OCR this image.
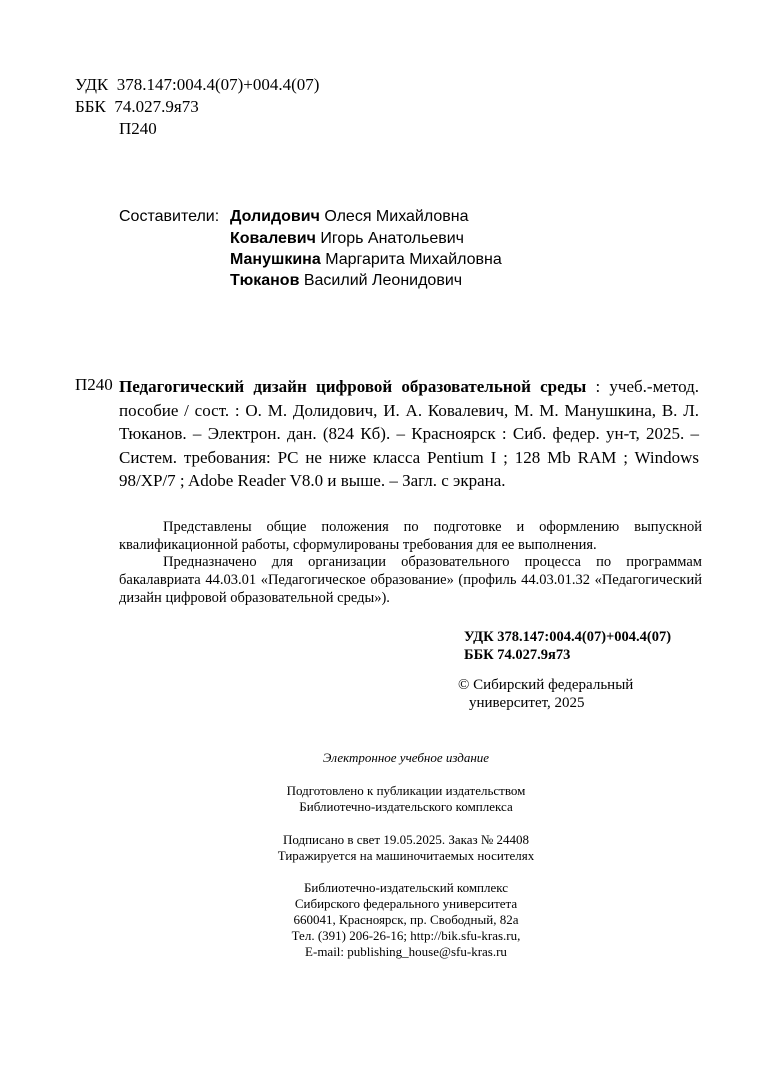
УДК 378.147:004.4(07)+004.4(07)
ББК 74.027.9я73
П240
Составители: Долидович Олеся Михайловна
Ковалевич Игорь Анатольевич
Манушкина Маргарита Михайловна
Тюканов Василий Леонидович
П240 Педагогический дизайн цифровой образовательной среды : учеб.-метод. пособие / сост. : О. М. Долидович, И. А. Ковалевич, М. М. Манушкина, В. Л. Тюканов. – Электрон. дан. (824 Кб). – Красноярск : Сиб. федер. ун-т, 2025. – Систем. требования: PC не ниже класса Pentium I ; 128 Mb RAM ; Windows 98/XP/7 ; Adobe Reader V8.0 и выше. – Загл. с экрана.

Представлены общие положения по подготовке и оформлению выпускной квалификационной работы, сформулированы требования для ее выполнения.

Предназначено для организации образовательного процесса по программам бакалавриата 44.03.01 «Педагогическое образование» (профиль 44.03.01.32 «Педагогический дизайн цифровой образовательной среды»).

УДК 378.147:004.4(07)+004.4(07)
ББК 74.027.9я73
© Сибирский федеральный
университет, 2025
Электронное учебное издание
Подготовлено к публикации издательством
Библиотечно-издательского комплекса
Подписано в свет 19.05.2025. Заказ № 24408
Тиражируется на машиночитаемых носителях
Библиотечно-издательский комплекс
Сибирского федерального университета
660041, Красноярск, пр. Свободный, 82а
Тел. (391) 206-26-16; http://bik.sfu-kras.ru,
E-mail: publishing_house@sfu-kras.ru
